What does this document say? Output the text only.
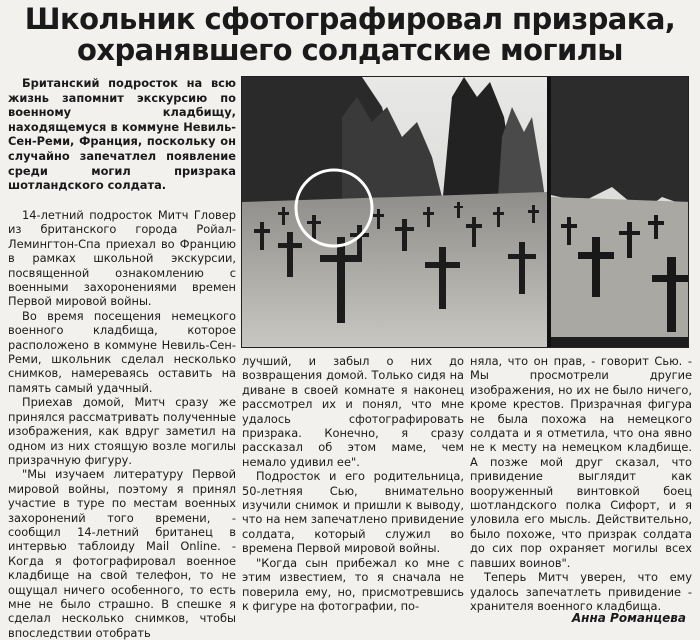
Школьник сфотографировал призрака,
охранявшего солдатские могилы

Британский подросток на всю жизнь запомнит экскурсию по военному кладбищу, находящемуся в коммуне Невиль-Сен-Реми, Франция, поскольку он случайно запечатлел появление среди могил призрака шотландского солдата.

14-летний подросток Митч Гловер из британского города Ройал-Лемингтон-Спа приехал во Францию в рамках школьной экскурсии, посвященной ознакомлению с военными захоронениями времен Первой мировой войны.

Во время посещения немецкого военного кладбища, которое расположено в коммуне Невиль-Сен-Реми, школьник сделал несколько снимков, намереваясь оставить на память самый удачный.

Приехав домой, Митч сразу же принялся рассматривать полученные изображения, как вдруг заметил на одном из них стоящую возле могилы призрачную фигуру.

"Мы изучаем литературу Первой мировой войны, поэтому я принял участие в туре по местам военных захоронений того времени, - сообщил 14-летний британец в интервью таблоиду Mail Online. - Когда я фотографировал военное кладбище на свой телефон, то не ощущал ничего особенного, то есть мне не было страшно. В спешке я сделал несколько снимков, чтобы впоследствии отобрать

лучший, и забыл о них до возвращения домой. Только сидя на диване в своей комнате я наконец рассмотрел их и понял, что мне удалось сфотографировать призрака. Конечно, я сразу рассказал об этом маме, чем немало удивил ее".

Подросток и его родительница, 50-летняя Сью, внимательно изучили снимок и пришли к выводу, что на нем запечатлено привидение солдата, который служил во времена Первой мировой войны.

"Когда сын прибежал ко мне с этим известием, то я сначала не поверила ему, но, присмотревшись к фигуре на фотографии, по-

няла, что он прав, - говорит Сью. - Мы просмотрели другие изображения, но их не было ничего, кроме крестов. Призрачная фигура не была похожа на немецкого солдата и я отметила, что она явно не к месту на немецком кладбище. А позже мой друг сказал, что привидение выглядит как вооруженный винтовкой боец шотландского полка Сифорт, и я уловила его мысль. Действительно, было похоже, что призрак солдата до сих пор охраняет могилы всех павших воинов".

Теперь Митч уверен, что ему удалось запечатлеть привидение - хранителя военного кладбища.

Анна Романцева
